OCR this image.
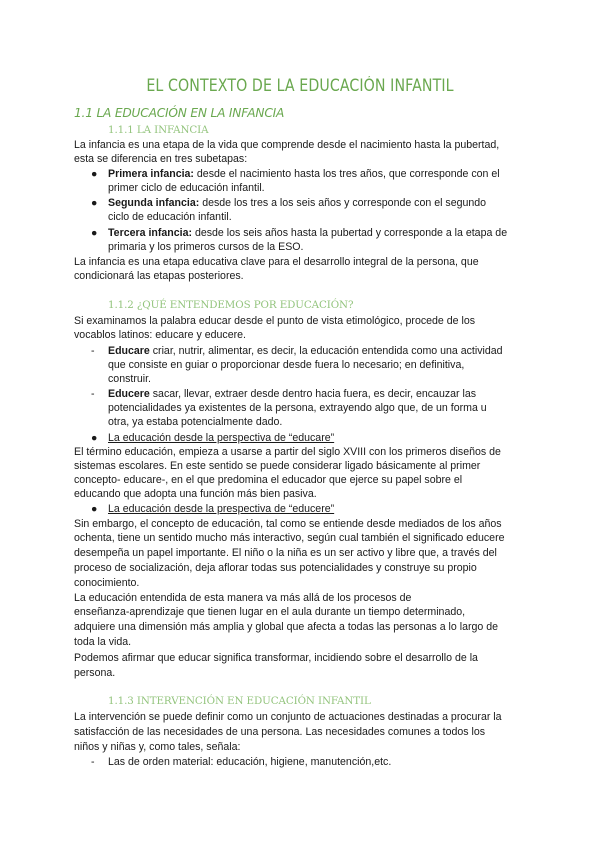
EL CONTEXTO DE LA EDUCACIÓN INFANTIL
1.1 LA EDUCACIÓN EN LA INFANCIA
1.1.1 LA INFANCIA
La infancia es una etapa de la vida que comprende desde el nacimiento hasta la pubertad,
esta se diferencia en tres subetapas:
● Primera infancia: desde el nacimiento hasta los tres años, que corresponde con el
primer ciclo de educación infantil.
● Segunda infancia: desde los tres a los seis años y corresponde con el segundo
ciclo de educación infantil.
● Tercera infancia: desde los seis años hasta la pubertad y corresponde a la etapa de
primaria y los primeros cursos de la ESO.
La infancia es una etapa educativa clave para el desarrollo integral de la persona, que
condicionará las etapas posteriores.
1.1.2 ¿QUÉ ENTENDEMOS POR EDUCACIÓN?
Si examinamos la palabra educar desde el punto de vista etimológico, procede de los
vocablos latinos: educare y educere.
- Educare criar, nutrir, alimentar, es decir, la educación entendida como una actividad
que consiste en guiar o proporcionar desde fuera lo necesario; en definitiva,
construir.
- Educere sacar, llevar, extraer desde dentro hacia fuera, es decir, encauzar las
potencialidades ya existentes de la persona, extrayendo algo que, de un forma u
otra, ya estaba potencialmente dado.
● La educación desde la perspectiva de “educare”
El término educación, empieza a usarse a partir del siglo XVIII con los primeros diseños de
sistemas escolares. En este sentido se puede considerar ligado básicamente al primer
concepto- educare-, en el que predomina el educador que ejerce su papel sobre el
educando que adopta una función más bien pasiva.
● La educación desde la prespectiva de “educere”
Sin embargo, el concepto de educación, tal como se entiende desde mediados de los años
ochenta, tiene un sentido mucho más interactivo, según cual también el significado educere
desempeña un papel importante. El niño o la niña es un ser activo y libre que, a través del
proceso de socialización, deja aflorar todas sus potencialidades y construye su propio
conocimiento.
La educación entendida de esta manera va más allá de los procesos de
enseñanza-aprendizaje que tienen lugar en el aula durante un tiempo determinado,
adquiere una dimensión más amplia y global que afecta a todas las personas a lo largo de
toda la vida.
Podemos afirmar que educar significa transformar, incidiendo sobre el desarrollo de la
persona.
1.1.3 INTERVENCIÓN EN EDUCACIÓN INFANTIL
La intervención se puede definir como un conjunto de actuaciones destinadas a procurar la
satisfacción de las necesidades de una persona. Las necesidades comunes a todos los
niños y niñas y, como tales, señala:
- Las de orden material: educación, higiene, manutención,etc.
